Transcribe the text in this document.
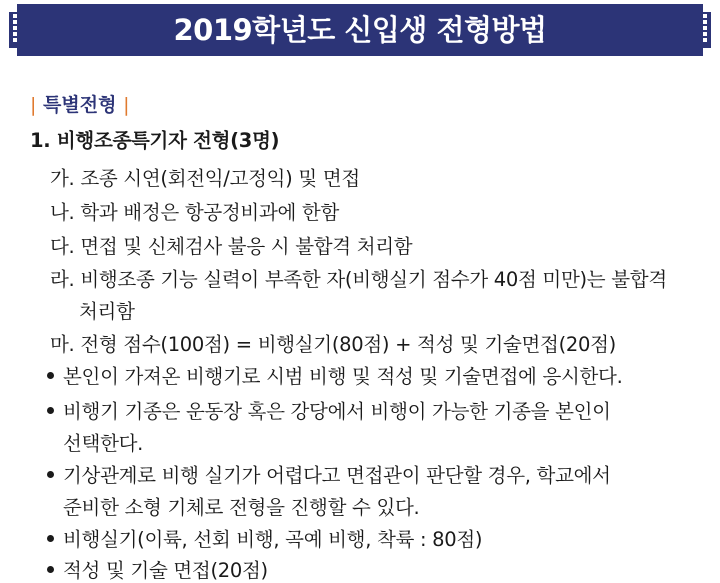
2019학년도 신입생 전형방법
| 특별전형 |
1. 비행조종특기자 전형(3명)
가. 조종 시연(회전익/고정익) 및 면접
나. 학과 배정은 항공정비과에 한함
다. 면접 및 신체검사 불응 시 불합격 처리함
라. 비행조종 기능 실력이 부족한 자(비행실기 점수가 40점 미만)는 불합격
처리함
마. 전형 점수(100점) = 비행실기(80점) + 적성 및 기술면접(20점)
본인이 가져온 비행기로 시범 비행 및 적성 및 기술면접에 응시한다.
비행기 기종은 운동장 혹은 강당에서 비행이 가능한 기종을 본인이
선택한다.
기상관계로 비행 실기가 어렵다고 면접관이 판단할 경우, 학교에서
준비한 소형 기체로 전형을 진행할 수 있다.
비행실기(이륙, 선회 비행, 곡예 비행, 착륙 : 80점)
적성 및 기술 면접(20점)
